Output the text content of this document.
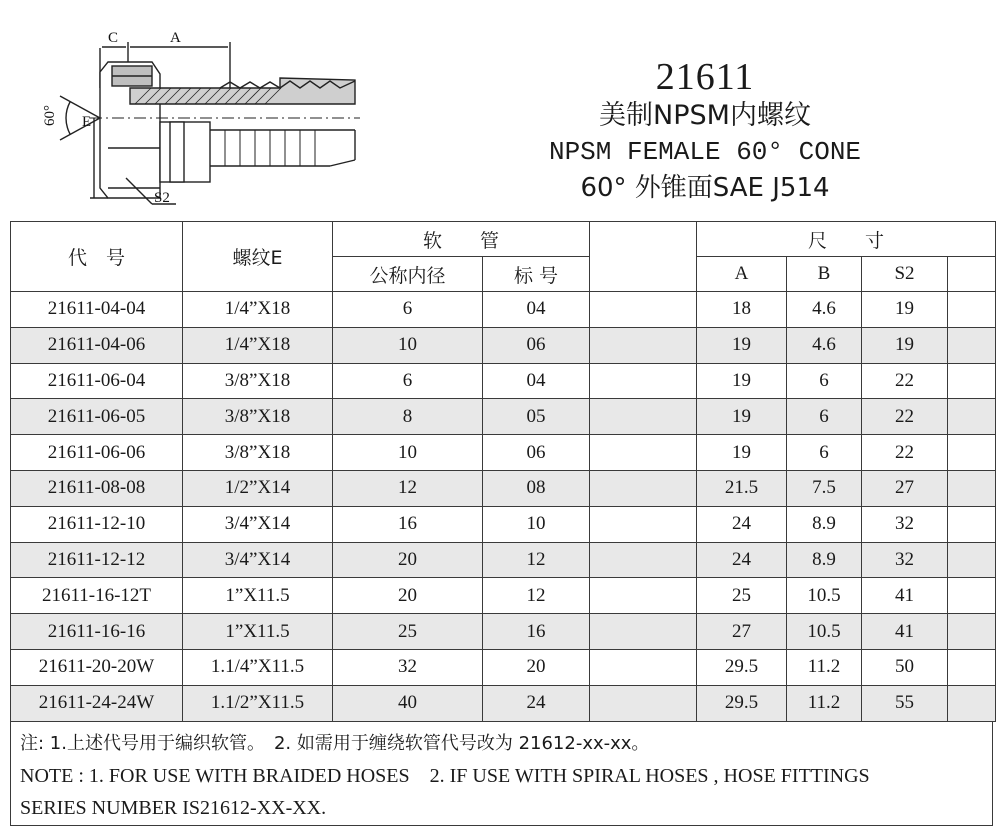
C	A
E
60°
S2
21611
美制NPSM内螺纹
NPSM FEMALE 60° CONE
60° 外锥面SAE J514
代　号	螺纹E	软　　管			尺　　寸			
		公称内径	标 号		A	B	S2	
21611-04-04	1/4”X18	6	04		18	4.6	19	
21611-04-06	1/4”X18	10	06		19	4.6	19	
21611-06-04	3/8”X18	6	04		19	6	22	
21611-06-05	3/8”X18	8	05		19	6	22	
21611-06-06	3/8”X18	10	06		19	6	22	
21611-08-08	1/2”X14	12	08		21.5	7.5	27	
21611-12-10	3/4”X14	16	10		24	8.9	32	
21611-12-12	3/4”X14	20	12		24	8.9	32	
21611-16-12T	1”X11.5	20	12		25	10.5	41	
21611-16-16	1”X11.5	25	16		27	10.5	41	
21611-20-20W	1.1/4”X11.5	32	20		29.5	11.2	50	
21611-24-24W	1.1/2”X11.5	40	24		29.5	11.2	55	
注: 1.上述代号用于编织软管。　2. 如需用于缠绕软管代号改为 21612-xx-xx。
NOTE : 1. FOR USE WITH BRAIDED HOSES　2. IF USE WITH SPIRAL HOSES , HOSE FITTINGS
SERIES NUMBER IS21612-XX-XX.
